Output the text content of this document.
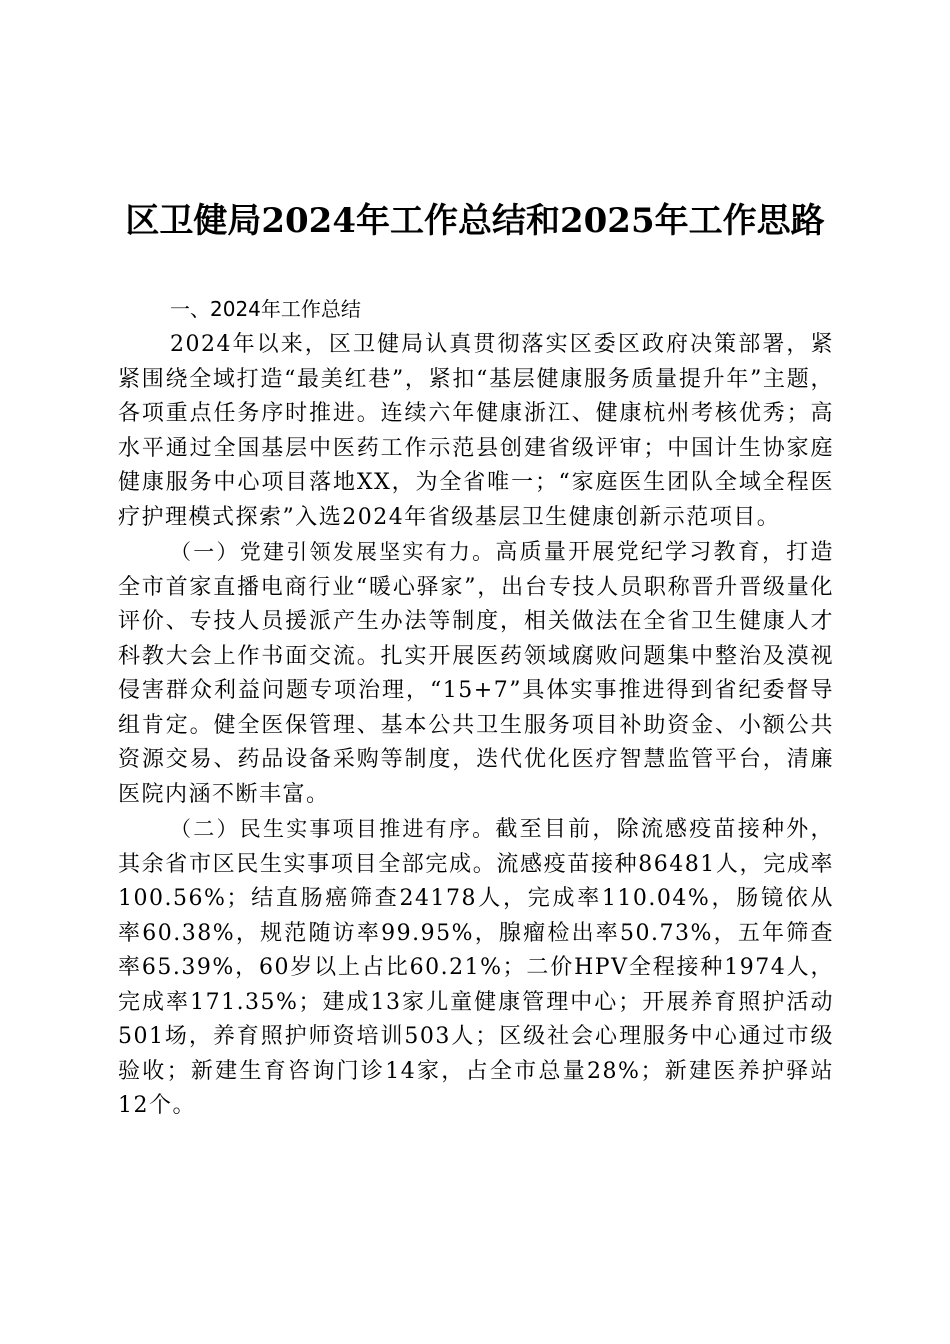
区卫健局2024年工作总结和2025年工作思路
一、2024年工作总结

2024年以来，区卫健局认真贯彻落实区委区政府决策部署，紧紧围绕全域打造“最美红巷”，紧扣“基层健康服务质量提升年”主题，各项重点任务序时推进。连续六年健康浙江、健康杭州考核优秀；高水平通过全国基层中医药工作示范县创建省级评审；中国计生协家庭健康服务中心项目落地XX，为全省唯一；“家庭医生团队全域全程医疗护理模式探索”入选2024年省级基层卫生健康创新示范项目。

（一）党建引领发展坚实有力。高质量开展党纪学习教育，打造全市首家直播电商行业“暖心驿家”，出台专技人员职称晋升晋级量化评价、专技人员援派产生办法等制度，相关做法在全省卫生健康人才科教大会上作书面交流。扎实开展医药领域腐败问题集中整治及漠视侵害群众利益问题专项治理，“15+7”具体实事推进得到省纪委督导组肯定。健全医保管理、基本公共卫生服务项目补助资金、小额公共资源交易、药品设备采购等制度，迭代优化医疗智慧监管平台，清廉医院内涵不断丰富。

（二）民生实事项目推进有序。截至目前，除流感疫苗接种外，其余省市区民生实事项目全部完成。流感疫苗接种86481人，完成率100.56%；结直肠癌筛查24178人，完成率110.04%，肠镜依从率60.38%，规范随访率99.95%，腺瘤检出率50.73%，五年筛查率65.39%，60岁以上占比60.21%；二价HPV全程接种1974人，完成率171.35%；建成13家儿童健康管理中心；开展养育照护活动501场，养育照护师资培训503人；区级社会心理服务中心通过市级验收；新建生育咨询门诊14家，占全市总量28%；新建医养护驿站12个。
